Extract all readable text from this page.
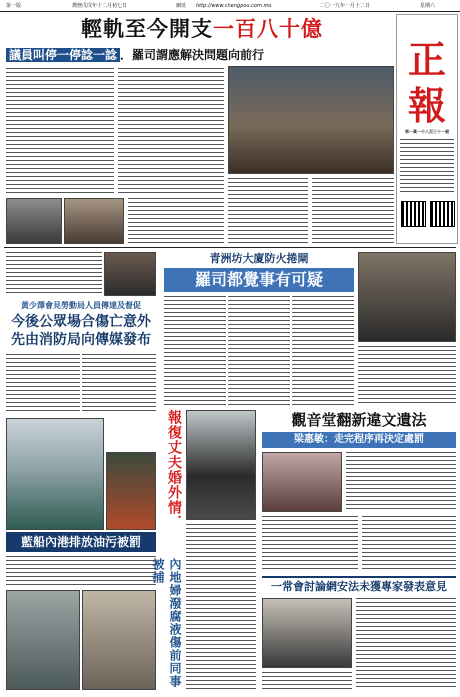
第一版	農曆戊戌年十二月初七日	網址 http://www.chengpou.com.mo	二〇一九年一月十二日	星期六
輕軌至今開支一百八十億
議員叫停一停諗一諗 ．羅司謂應解決問題向前行	正
報
第一萬一千八百三十一號
黃少澤會見勞動局人員傳達及督促
今後公眾場合傷亡意外
先由消防局向傳媒發布
藍船內港排放油污被罰
青洲坊大廈防火捲閘
羅司都覺事有可疑
報復丈夫婚外情．
內地婦潑腐液傷前同事被捕
觀音堂翻新違文遺法
梁惠敏：走完程序再決定處罰
一常會討論網安法未獲專家發表意見
